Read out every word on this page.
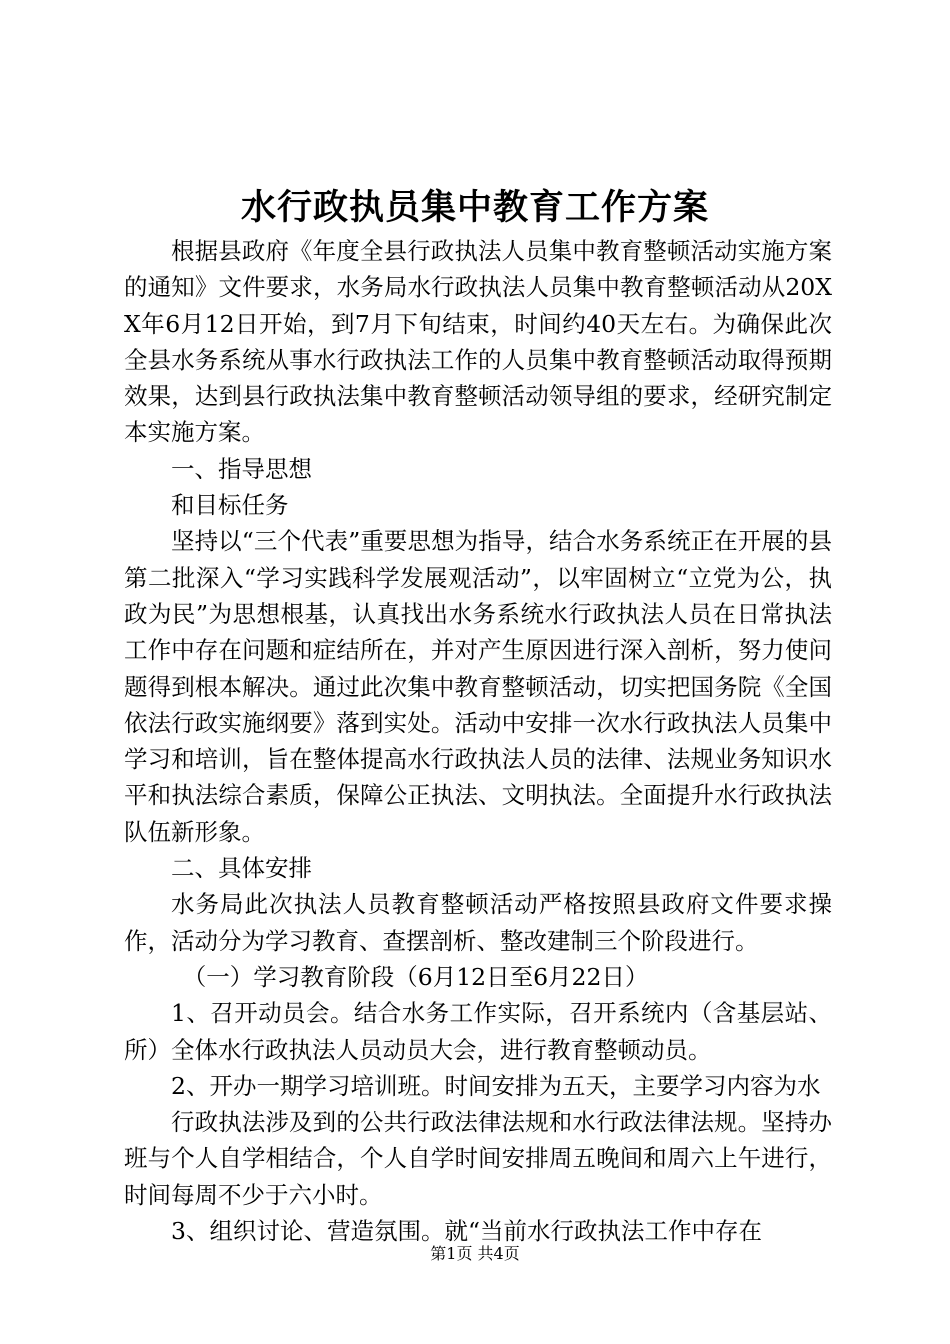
水行政执员集中教育工作方案

根据县政府《年度全县行政执法人员集中教育整顿活动实施方案的通知》文件要求，水务局水行政执法人员集中教育整顿活动从20XX年6月12日开始，到7月下旬结束，时间约40天左右。为确保此次全县水务系统从事水行政执法工作的人员集中教育整顿活动取得预期效果，达到县行政执法集中教育整顿活动领导组的要求，经研究制定本实施方案。

一、指导思想

和目标任务

坚持以“三个代表”重要思想为指导，结合水务系统正在开展的县第二批深入“学习实践科学发展观活动”，以牢固树立“立党为公，执政为民”为思想根基，认真找出水务系统水行政执法人员在日常执法工作中存在问题和症结所在，并对产生原因进行深入剖析，努力使问题得到根本解决。通过此次集中教育整顿活动，切实把国务院《全国依法行政实施纲要》落到实处。活动中安排一次水行政执法人员集中学习和培训，旨在整体提高水行政执法人员的法律、法规业务知识水平和执法综合素质，保障公正执法、文明执法。全面提升水行政执法队伍新形象。

二、具体安排

水务局此次执法人员教育整顿活动严格按照县政府文件要求操作，活动分为学习教育、查摆剖析、整改建制三个阶段进行。

（一）学习教育阶段（6月12日至6月22日）

1、召开动员会。结合水务工作实际，召开系统内（含基层站、所）全体水行政执法人员动员大会，进行教育整顿动员。

2、开办一期学习培训班。时间安排为五天，主要学习内容为水

行政执法涉及到的公共行政法律法规和水行政法律法规。坚持办班与个人自学相结合，个人自学时间安排周五晚间和周六上午进行，时间每周不少于六小时。

3、组织讨论、营造氛围。就“当前水行政执法工作中存在

第1页 共4页
